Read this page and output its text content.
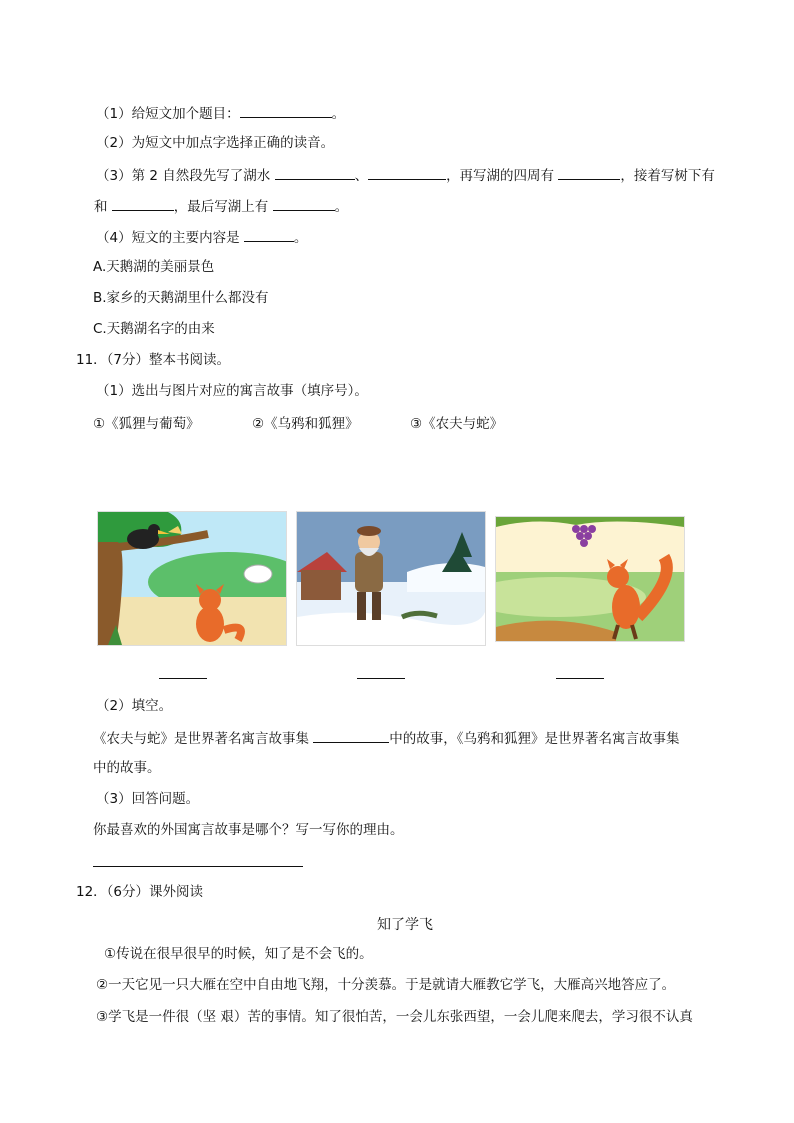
（1）给短文加个题目：	。
（2）为短文中加点字选择正确的读音。
（3）第 2 自然段先写了湖水	、	，再写湖的四周有	，接着写树下有
和	，最后写湖上有	。
（4）短文的主要内容是	。
A.天鹅湖的美丽景色
B.家乡的天鹅湖里什么都没有
C.天鹅湖名字的由来
11．（7分）整本书阅读。
（1）选出与图片对应的寓言故事（填序号）。
①《狐狸与葡萄》	②《乌鸦和狐狸》	③《农夫与蛇》
（2）填空。
《农夫与蛇》是世界著名寓言故事集	中的故事，《乌鸦和狐狸》是世界著名寓言故事集
中的故事。
（3）回答问题。
你最喜欢的外国寓言故事是哪个？写一写你的理由。
12．（6分）课外阅读
知了学飞
①传说在很早很早的时候，知了是不会飞的。
②一天它见一只大雁在空中自由地飞翔，十分羡慕。于是就请大雁教它学飞，大雁高兴地答应了。
③学飞是一件很（坚 艰）苦的事情。知了很怕苦，一会儿东张西望，一会儿爬来爬去，学习很不认真
